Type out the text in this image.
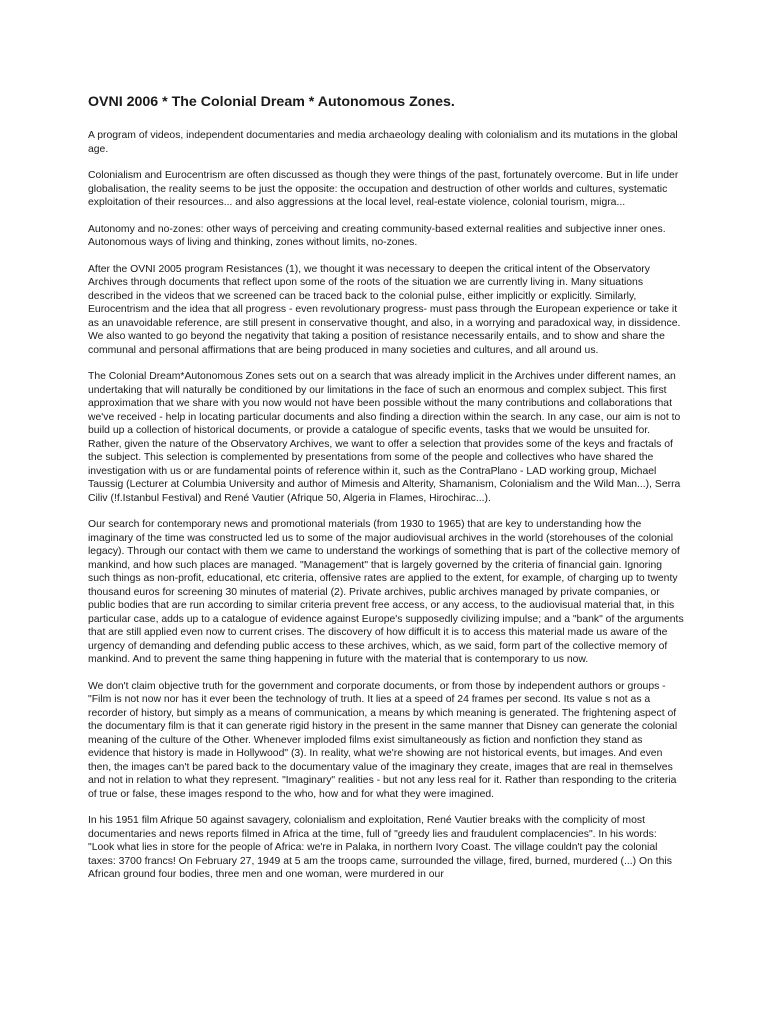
OVNI 2006 * The Colonial Dream * Autonomous Zones.

A program of videos, independent documentaries and media archaeology dealing with colonialism and its mutations in the global age.

Colonialism and Eurocentrism are often discussed as though they were things of the past, fortunately overcome. But in life under globalisation, the reality seems to be just the opposite: the occupation and destruction of other worlds and cultures, systematic exploitation of their resources... and also aggressions at the local level, real-estate violence, colonial tourism, migra...

Autonomy and no-zones: other ways of perceiving and creating community-based external realities and subjective inner ones. Autonomous ways of living and thinking, zones without limits, no-zones.

After the OVNI 2005 program Resistances (1), we thought it was necessary to deepen the critical intent of the Observatory Archives through documents that reflect upon some of the roots of the situation we are currently living in. Many situations described in the videos that we screened can be traced back to the colonial pulse, either implicitly or explicitly. Similarly, Eurocentrism and the idea that all progress - even revolutionary progress- must pass through the European experience or take it as an unavoidable reference, are still present in conservative thought, and also, in a worrying and paradoxical way, in dissidence. We also wanted to go beyond the negativity that taking a position of resistance necessarily entails, and to show and share the communal and personal affirmations that are being produced in many societies and cultures, and all around us.

The Colonial Dream*Autonomous Zones sets out on a search that was already implicit in the Archives under different names, an undertaking that will naturally be conditioned by our limitations in the face of such an enormous and complex subject. This first approximation that we share with you now would not have been possible without the many contributions and collaborations that we've received - help in locating particular documents and also finding a direction within the search. In any case, our aim is not to build up a collection of historical documents, or provide a catalogue of specific events, tasks that we would be unsuited for. Rather, given the nature of the Observatory Archives, we want to offer a selection that provides some of the keys and fractals of the subject. This selection is complemented by presentations from some of the people and collectives who have shared the investigation with us or are fundamental points of reference within it, such as the ContraPlano - LAD working group, Michael Taussig (Lecturer at Columbia University and author of Mimesis and Alterity, Shamanism, Colonialism and the Wild Man...), Serra Ciliv (!f.Istanbul Festival) and René Vautier (Afrique 50, Algeria in Flames, Hirochirac...).

Our search for contemporary news and promotional materials (from 1930 to 1965) that are key to understanding how the imaginary of the time was constructed led us to some of the major audiovisual archives in the world (storehouses of the colonial legacy). Through our contact with them we came to understand the workings of something that is part of the collective memory of mankind, and how such places are managed. "Management" that is largely governed by the criteria of financial gain. Ignoring such things as non-profit, educational, etc criteria, offensive rates are applied to the extent, for example, of charging up to twenty thousand euros for screening 30 minutes of material (2). Private archives, public archives managed by private companies, or public bodies that are run according to similar criteria prevent free access, or any access, to the audiovisual material that, in this particular case, adds up to a catalogue of evidence against Europe's supposedly civilizing impulse; and a "bank" of the arguments that are still applied even now to current crises. The discovery of how difficult it is to access this material made us aware of the urgency of demanding and defending public access to these archives, which, as we said, form part of the collective memory of mankind. And to prevent the same thing happening in future with the material that is contemporary to us now.

We don't claim objective truth for the government and corporate documents, or from those by independent authors or groups - "Film is not now nor has it ever been the technology of truth. It lies at a speed of 24 frames per second. Its value s not as a recorder of history, but simply as a means of communication, a means by which meaning is generated. The frightening aspect of the documentary film is that it can generate rigid history in the present in the same manner that Disney can generate the colonial meaning of the culture of the Other. Whenever imploded films exist simultaneously as fiction and nonfiction they stand as evidence that history is made in Hollywood" (3). In reality, what we're showing are not historical events, but images. And even then, the images can't be pared back to the documentary value of the imaginary they create, images that are real in themselves and not in relation to what they represent. "Imaginary" realities - but not any less real for it. Rather than responding to the criteria of true or false, these images respond to the who, how and for what they were imagined.

In his 1951 film Afrique 50 against savagery, colonialism and exploitation, René Vautier breaks with the complicity of most documentaries and news reports filmed in Africa at the time, full of "greedy lies and fraudulent complacencies". In his words: "Look what lies in store for the people of Africa: we're in Palaka, in northern Ivory Coast. The village couldn't pay the colonial taxes: 3700 francs! On February 27, 1949 at 5 am the troops came, surrounded the village, fired, burned, murdered (...) On this African ground four bodies, three men and one woman, were murdered in our
